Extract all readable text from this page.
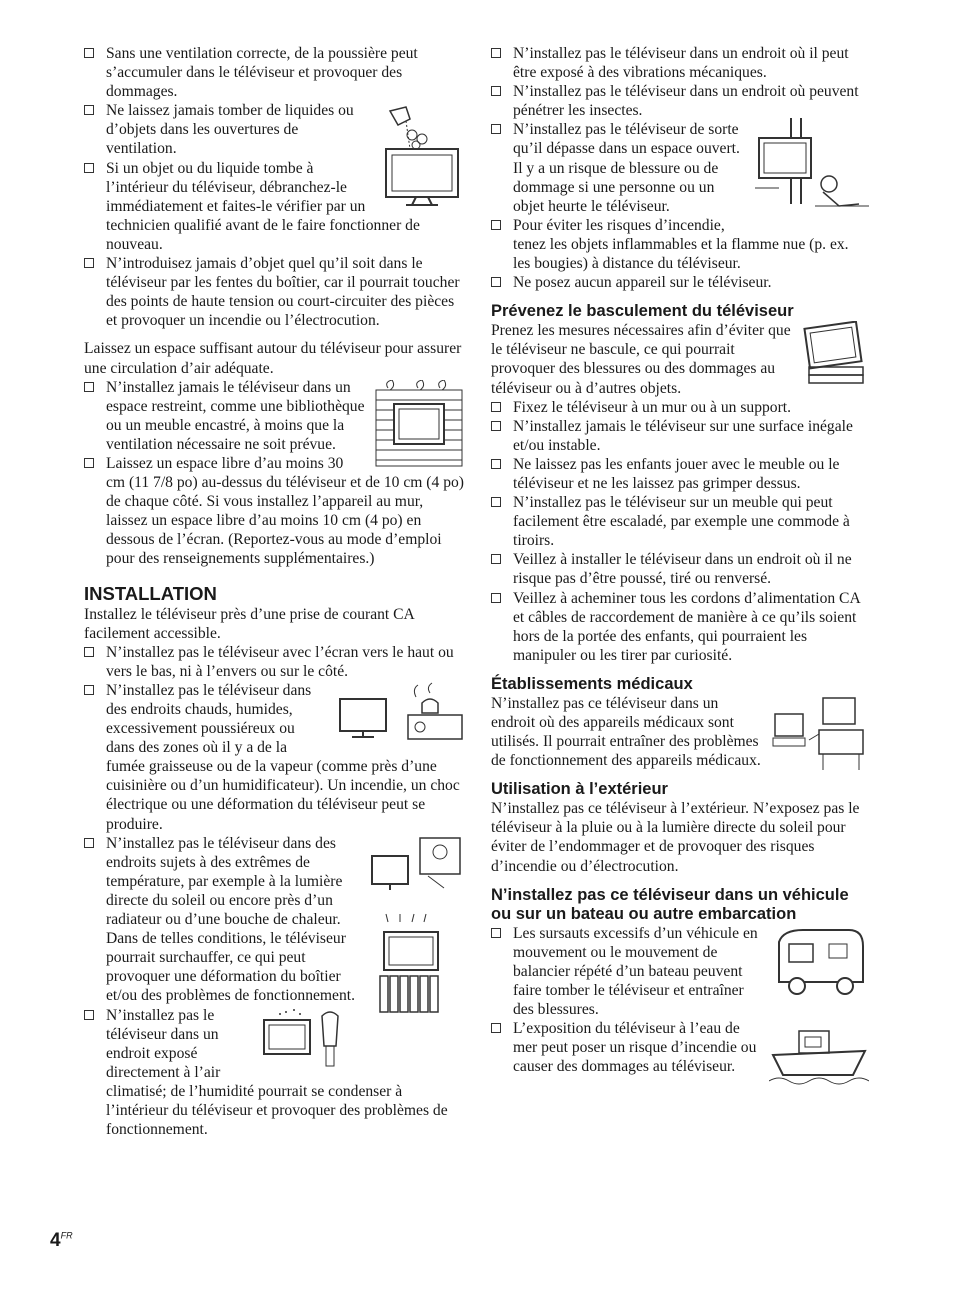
Sans une ventilation correcte, de la poussière peut s’accumuler dans le téléviseur et provoquer des dommages.
Ne laissez jamais tomber de liquides ou d’objets dans les ouvertures de ventilation.
Si un objet ou du liquide tombe à l’intérieur du téléviseur, débranchez-le immédiatement et faites-le vérifier par un technicien qualifié avant de le faire fonctionner de nouveau.
N’introduisez jamais d’objet quel qu’il soit dans le téléviseur par les fentes du boîtier, car il pourrait toucher des points de haute tension ou court-circuiter des pièces et provoquer un incendie ou l’électrocution.

Laissez un espace suffisant autour du téléviseur pour assurer une circulation d’air adéquate.

N’installez jamais le téléviseur dans un espace restreint, comme une bibliothèque ou un meuble encastré, à moins que la ventilation nécessaire ne soit prévue.
Laissez un espace libre d’au moins 30 cm (11 7/8 po) au-dessus du téléviseur et de 10 cm (4 po) de chaque côté. Si vous installez l’appareil au mur, laissez un espace libre d’au moins 10 cm (4 po) en dessous de l’écran. (Reportez-vous au mode d’emploi pour des renseignements supplémentaires.)
INSTALLATION

Installez le téléviseur près d’une prise de courant CA facilement accessible.

N’installez pas le téléviseur avec l’écran vers le haut ou vers le bas, ni à l’envers ou sur le côté.
N’installez pas le téléviseur dans des endroits chauds, humides, excessivement poussiéreux ou dans des zones où il y a de la fumée graisseuse ou de la vapeur (comme près d’une cuisinière ou d’un humidificateur). Un incendie, un choc électrique ou une déformation du téléviseur peut se produire.
N’installez pas le téléviseur dans des endroits sujets à des extrêmes de température, par exemple à la lumière directe du soleil ou encore près d’un radiateur ou d’une bouche de chaleur. Dans de telles conditions, le téléviseur pourrait surchauffer, ce qui peut provoquer une déformation du boîtier et/ou des problèmes de fonctionnement.
N’installez pas le téléviseur dans un endroit exposé directement à l’air climatisé; de l’humidité pourrait se condenser à l’intérieur du téléviseur et provoquer des problèmes de fonctionnement.
N’installez pas le téléviseur dans un endroit où il peut être exposé à des vibrations mécaniques.
N’installez pas le téléviseur dans un endroit où peuvent pénétrer les insectes.
N’installez pas le téléviseur de sorte qu’il dépasse dans un espace ouvert. Il y a un risque de blessure ou de dommage si une personne ou un objet heurte le téléviseur.
Pour éviter les risques d’incendie, tenez les objets inflammables et la flamme nue (p. ex. les bougies) à distance du téléviseur.
Ne posez aucun appareil sur le téléviseur.
Prévenez le basculement du téléviseur

Prenez les mesures nécessaires afin d’éviter que le téléviseur ne bascule, ce qui pourrait provoquer des blessures ou des dommages au téléviseur ou à d’autres objets.

Fixez le téléviseur à un mur ou à un support.
N’installez jamais le téléviseur sur une surface inégale et/ou instable.
Ne laissez pas les enfants jouer avec le meuble ou le téléviseur et ne les laissez pas grimper dessus.
N’installez pas le téléviseur sur un meuble qui peut facilement être escaladé, par exemple une commode à tiroirs.
Veillez à installer le téléviseur dans un endroit où il ne risque pas d’être poussé, tiré ou renversé.
Veillez à acheminer tous les cordons d’alimentation CA et câbles de raccordement de manière à ce qu’ils soient hors de la portée des enfants, qui pourraient les manipuler ou les tirer par curiosité.
Établissements médicaux

N’installez pas ce téléviseur dans un endroit où des appareils médicaux sont utilisés. Il pourrait entraîner des problèmes de fonctionnement des appareils médicaux.

Utilisation à l’extérieur

N’installez pas ce téléviseur à l’extérieur. N’exposez pas le téléviseur à la pluie ou à la lumière directe du soleil pour éviter de l’endommager et de provoquer des risques d’incendie ou d’électrocution.

N’installez pas ce téléviseur dans un véhicule ou sur un bateau ou autre embarcation
Les sursauts excessifs d’un véhicule en mouvement ou le mouvement de balancier répété d’un bateau peuvent faire tomber le téléviseur et entraîner des blessures.
L’exposition du téléviseur à l’eau de mer peut poser un risque d’incendie ou causer des dommages au téléviseur.
$4^{FR}$
